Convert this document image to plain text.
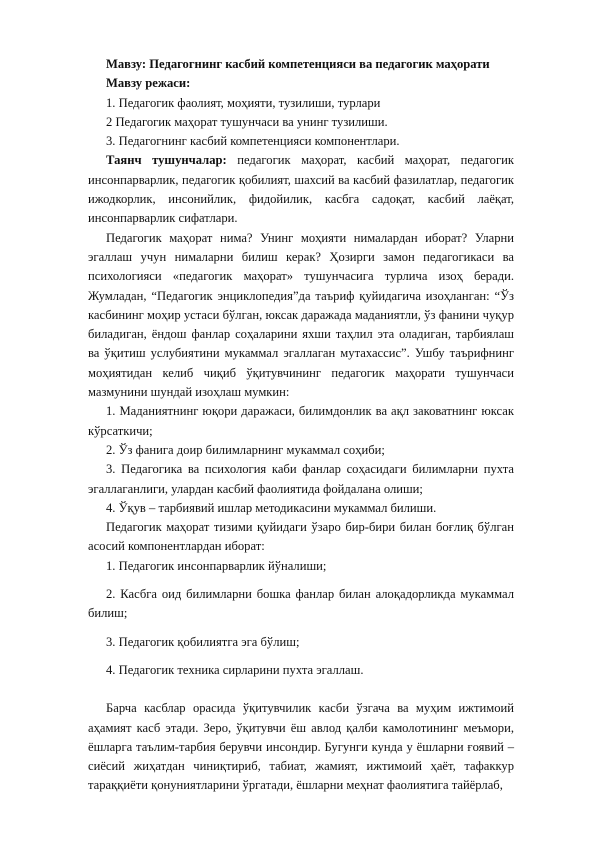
Мавзу: Педагогнинг касбий компетенцияси ва педагогик маҳорати

Мавзу режаси:

1. Педагогик фаолият, моҳияти, тузилиши, турлари

2 Педагогик маҳорат тушунчаси ва унинг тузилиши.

3. Педагогнинг касбий компетенцияси компонентлари.

Таянч тушунчалар: педагогик маҳорат, касбий маҳорат, педагогик инсонпарварлик, педагогик қобилият, шахсий ва касбий фазилатлар, педагогик ижодкорлик, инсонийлик, фидойилик, касбга садоқат, касбий лаёқат, инсонпарварлик сифатлари.

Педагогик маҳорат нима? Унинг моҳияти нималардан иборат? Уларни эгаллаш учун нималарни билиш керак? Ҳозирги замон педагогикаси ва психологияси «педагогик маҳорат» тушунчасига турлича изоҳ беради. Жумладан, “Педагогик энциклопедия”да таъриф қуйидагича изоҳланган: “Ўз касбининг моҳир устаси бўлган, юксак даражада маданиятли, ўз фанини чуқур биладиган, ёндош фанлар соҳаларини яхши таҳлил эта оладиган, тарбиялаш ва ўқитиш услубиятини мукаммал эгаллаган мутахассис”. Ушбу таърифнинг моҳиятидан келиб чиқиб ўқитувчининг педагогик маҳорати тушунчаси мазмунини шундай изоҳлаш мумкин:

1. Маданиятнинг юқори даражаси, билимдонлик ва ақл заковатнинг юксак кўрсаткичи;

2. Ўз фанига доир билимларнинг мукаммал соҳиби;

3. Педагогика ва психология каби фанлар соҳасидаги билимларни пухта эгаллаганлиги, улардан касбий фаолиятида фойдалана олиши;

4. Ўқув – тарбиявий ишлар методикасини мукаммал билиши.

Педагогик маҳорат тизими қуйидаги ўзаро бир-бири билан боғлиқ бўлган асосий компонентлардан иборат:

1. Педагогик инсонпарварлик йўналиши;

2. Касбга оид билимларни бошка фанлар билан алоқадорликда мукаммал билиш;

3. Педагогик қобилиятга эга бўлиш;

4. Педагогик техника сирларини пухта эгаллаш.

Барча касблар орасида ўқитувчилик касби ўзгача ва муҳим ижтимоий аҳамият касб этади. Зеро, ўқитувчи ёш авлод қалби камолотининг меъмори, ёшларга таълим-тарбия берувчи инсондир. Бугунги кунда у ёшларни ғоявий – сиёсий жиҳатдан чиниқтириб, табиат, жамият, ижтимоий ҳаёт, тафаккур тараққиёти қонуниятларини ўргатади, ёшларни меҳнат фаолиятига тайёрлаб,
